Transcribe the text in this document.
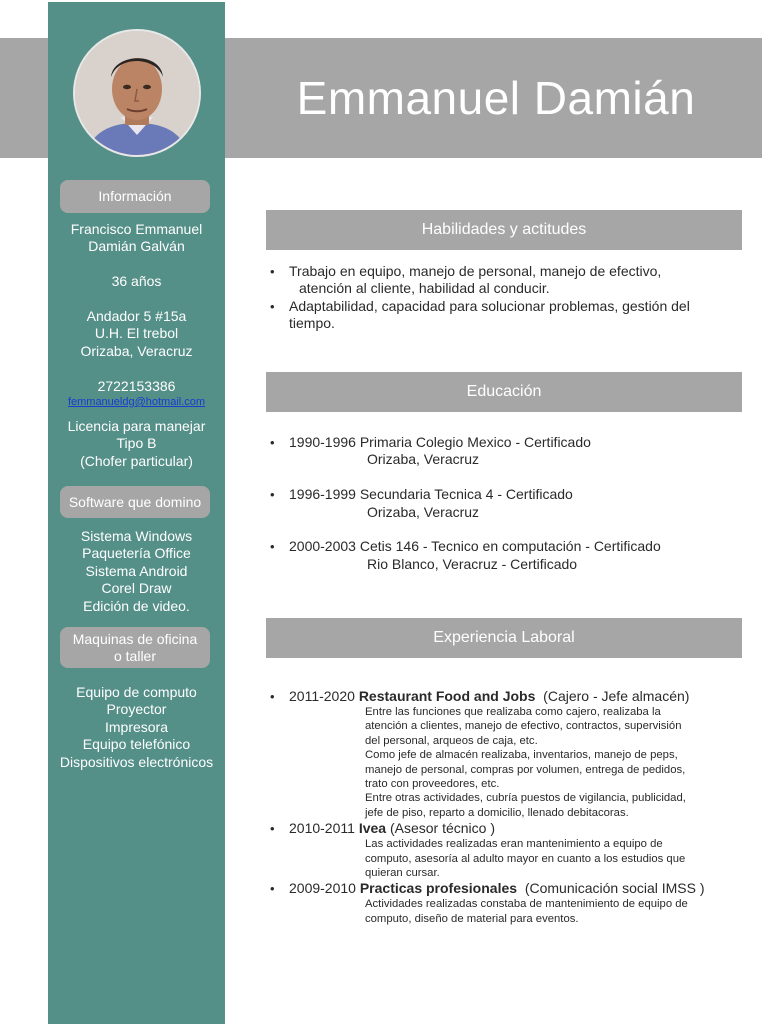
Emmanuel Damián
Información
Francisco Emmanuel
Damián Galván
36 años
Andador 5 #15a
U.H. El trebol
Orizaba, Veracruz
2722153386
femmanueldg@hotmail.com
Licencia para manejar
Tipo B
(Chofer particular)
Software que domino
Sistema Windows
Paquetería Office
Sistema Android
Corel Draw
Edición de video.
Maquinas de oficina
o taller
Equipo de computo
Proyector
Impresora
Equipo telefónico
Dispositivos electrónicos
Habilidades y actitudes
• Trabajo en equipo, manejo de personal, manejo de efectivo,
atención al cliente, habilidad al conducir.
• Adaptabilidad, capacidad para solucionar problemas, gestión del
tiempo.
Educación
• 1990-1996 Primaria Colegio Mexico - Certificado
Orizaba, Veracruz
• 1996-1999 Secundaria Tecnica 4 - Certificado
Orizaba, Veracruz
• 2000-2003 Cetis 146 - Tecnico en computación - Certificado
Rio Blanco, Veracruz - Certificado
Experiencia Laboral
• 2011-2020 Restaurant Food and Jobs (Cajero - Jefe almacén)
Entre las funciones que realizaba como cajero, realizaba la
atención a clientes, manejo de efectivo, contractos, supervisión
del personal, arqueos de caja, etc.
Como jefe de almacén realizaba, inventarios, manejo de peps,
manejo de personal, compras por volumen, entrega de pedidos,
trato con proveedores, etc.
Entre otras actividades, cubría puestos de vigilancia, publicidad,
jefe de piso, reparto a domicilio, llenado debitacoras.
• 2010-2011 Ivea (Asesor técnico )
Las actividades realizadas eran mantenimiento a equipo de
computo, asesoría al adulto mayor en cuanto a los estudios que
quieran cursar.
• 2009-2010 Practicas profesionales (Comunicación social IMSS )
Actividades realizadas constaba de mantenimiento de equipo de
computo, diseño de material para eventos.
